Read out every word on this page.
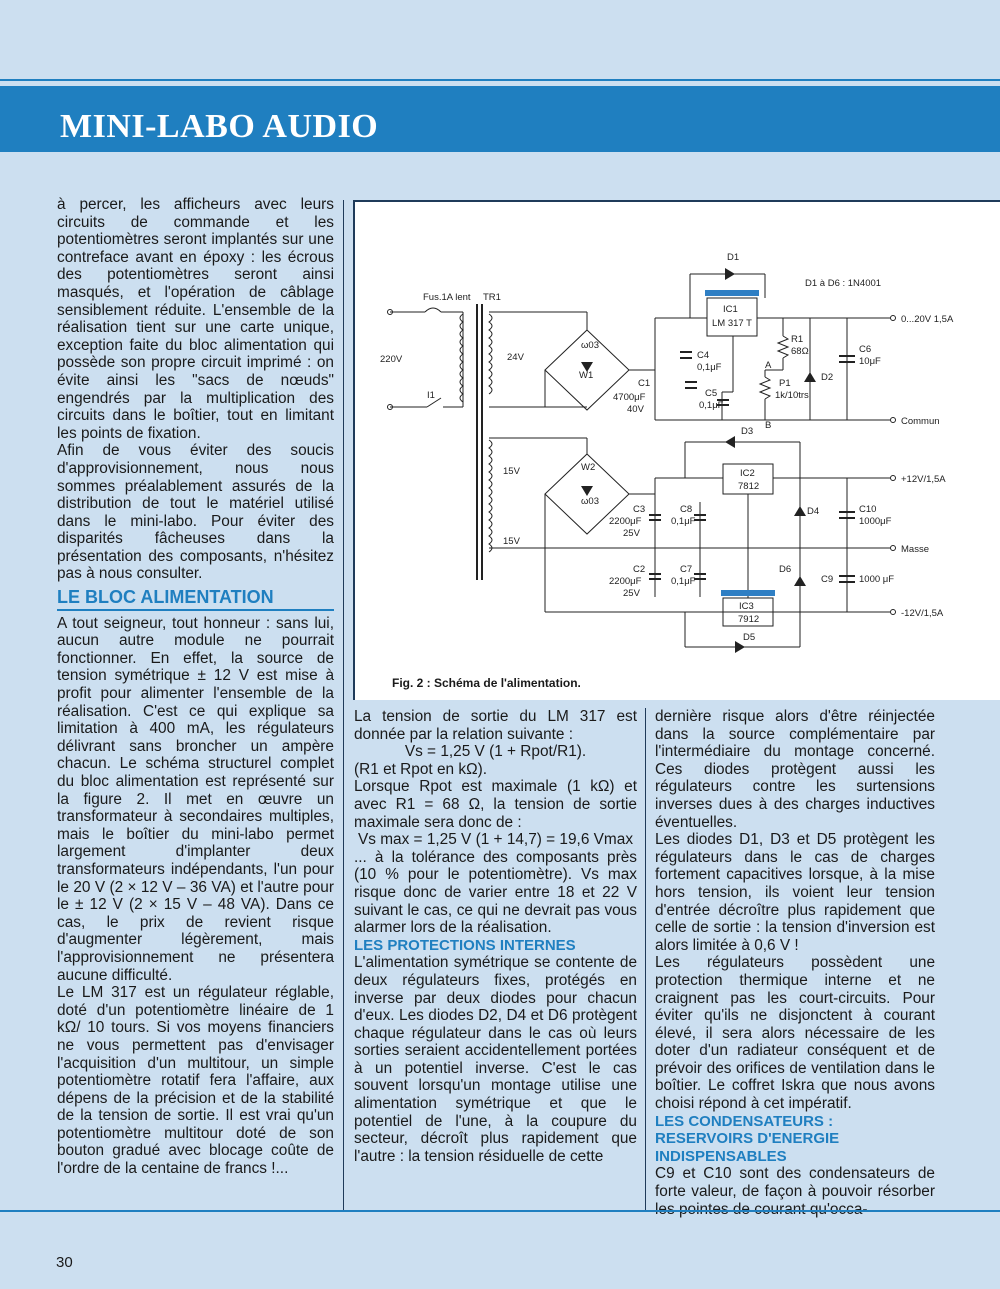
MINI-LABO AUDIO

à percer, les afficheurs avec leurs circuits de commande et les potentiomètres seront implantés sur une contreface avant en époxy : les écrous des potentiomètres seront ainsi masqués, et l'opération de câblage sensiblement réduite. L'ensemble de la réalisation tient sur une carte unique, exception faite du bloc alimentation qui possède son propre circuit imprimé : on évite ainsi les "sacs de nœuds" engendrés par la multiplication des circuits dans le boîtier, tout en limitant les points de fixation.

Afin de vous éviter des soucis d'approvisionnement, nous nous sommes préalablement assurés de la distribution de tout le matériel utilisé dans le mini-labo. Pour éviter des disparités fâcheuses dans la présentation des composants, n'hésitez pas à nous consulter.

LE BLOC ALIMENTATION

A tout seigneur, tout honneur : sans lui, aucun autre module ne pourrait fonctionner. En effet, la source de tension symétrique ± 12 V est mise à profit pour alimenter l'ensemble de la réalisation. C'est ce qui explique sa limitation à 400 mA, les régulateurs délivrant sans broncher un ampère chacun. Le schéma structurel complet du bloc alimentation est représenté sur la figure 2. Il met en œuvre un transformateur à secondaires multiples, mais le boîtier du mini-labo permet largement d'implanter deux transformateurs indépendants, l'un pour le 20 V (2 × 12 V – 36 VA) et l'autre pour le ± 12 V (2 × 15 V – 48 VA). Dans ce cas, le prix de revient risque d'augmenter légèrement, mais l'approvisionnement ne présentera aucune difficulté.

Le LM 317 est un régulateur réglable, doté d'un potentiomètre linéaire de 1 kΩ/ 10 tours. Si vos moyens financiers ne vous permettent pas d'envisager l'acquisition d'un multitour, un simple potentiomètre rotatif fera l'affaire, aux dépens de la précision et de la stabilité de la tension de sortie. Il est vrai qu'un potentiomètre multitour doté de son bouton gradué avec blocage coûte de l'ordre de la centaine de francs !...

Fus.1A lent TR1
220V
I1
24V
15V
15V
ω03
W1
W2
ω03
D1
D1 à D6 : 1N4001
IC1
LM 317 T
R1
68Ω	C6
10μF
0...20V 1,5A
C4
0,1μF
C1
4700μF
40V
C5
0,1μF
P1
1k/10trs
A
B
D2
Commun
D3
IC2
7812
+12V/1,5A
C3
2200μF
25V
C8
0,1μF
D4	C10
1000μF
Masse
C2
2200μF
25V
C7
0,1μF
D6
C9	1000 μF
IC3
7912
-12V/1,5A
D5
Fig. 2 : Schéma de l'alimentation.

La tension de sortie du LM 317 est donnée par la relation suivante :

Vs = 1,25 V (1 + Rpot/R1).

(R1 et Rpot en kΩ).

Lorsque Rpot est maximale (1 kΩ) et avec R1 = 68 Ω, la tension de sortie maximale sera donc de :

Vs max = 1,25 V (1 + 14,7) = 19,6 Vmax

... à la tolérance des composants près (10 % pour le potentiomètre). Vs max risque donc de varier entre 18 et 22 V suivant le cas, ce qui ne devrait pas vous alarmer lors de la réalisation.

LES PROTECTIONS INTERNES

L'alimentation symétrique se contente de deux régulateurs fixes, protégés en inverse par deux diodes pour chacun d'eux. Les diodes D2, D4 et D6 protègent chaque régulateur dans le cas où leurs sorties seraient accidentellement portées à un potentiel inverse. C'est le cas souvent lorsqu'un montage utilise une alimentation symétrique et que le potentiel de l'une, à la coupure du secteur, décroît plus rapidement que l'autre : la tension résiduelle de cette

dernière risque alors d'être réinjectée dans la source complémentaire par l'intermédiaire du montage concerné. Ces diodes protègent aussi les régulateurs contre les surtensions inverses dues à des charges inductives éventuelles.

Les diodes D1, D3 et D5 protègent les régulateurs dans le cas de charges fortement capacitives lorsque, à la mise hors tension, ils voient leur tension d'entrée décroître plus rapidement que celle de sortie : la tension d'inversion est alors limitée à 0,6 V !

Les régulateurs possèdent une protection thermique interne et ne craignent pas les court-circuits. Pour éviter qu'ils ne disjonctent à courant élevé, il sera alors nécessaire de les doter d'un radiateur conséquent et de prévoir des orifices de ventilation dans le boîtier. Le coffret Iskra que nous avons choisi répond à cet impératif.

LES CONDENSATEURS : RESERVOIRS D'ENERGIE INDISPENSABLES

C9 et C10 sont des condensateurs de forte valeur, de façon à pouvoir résorber

30
